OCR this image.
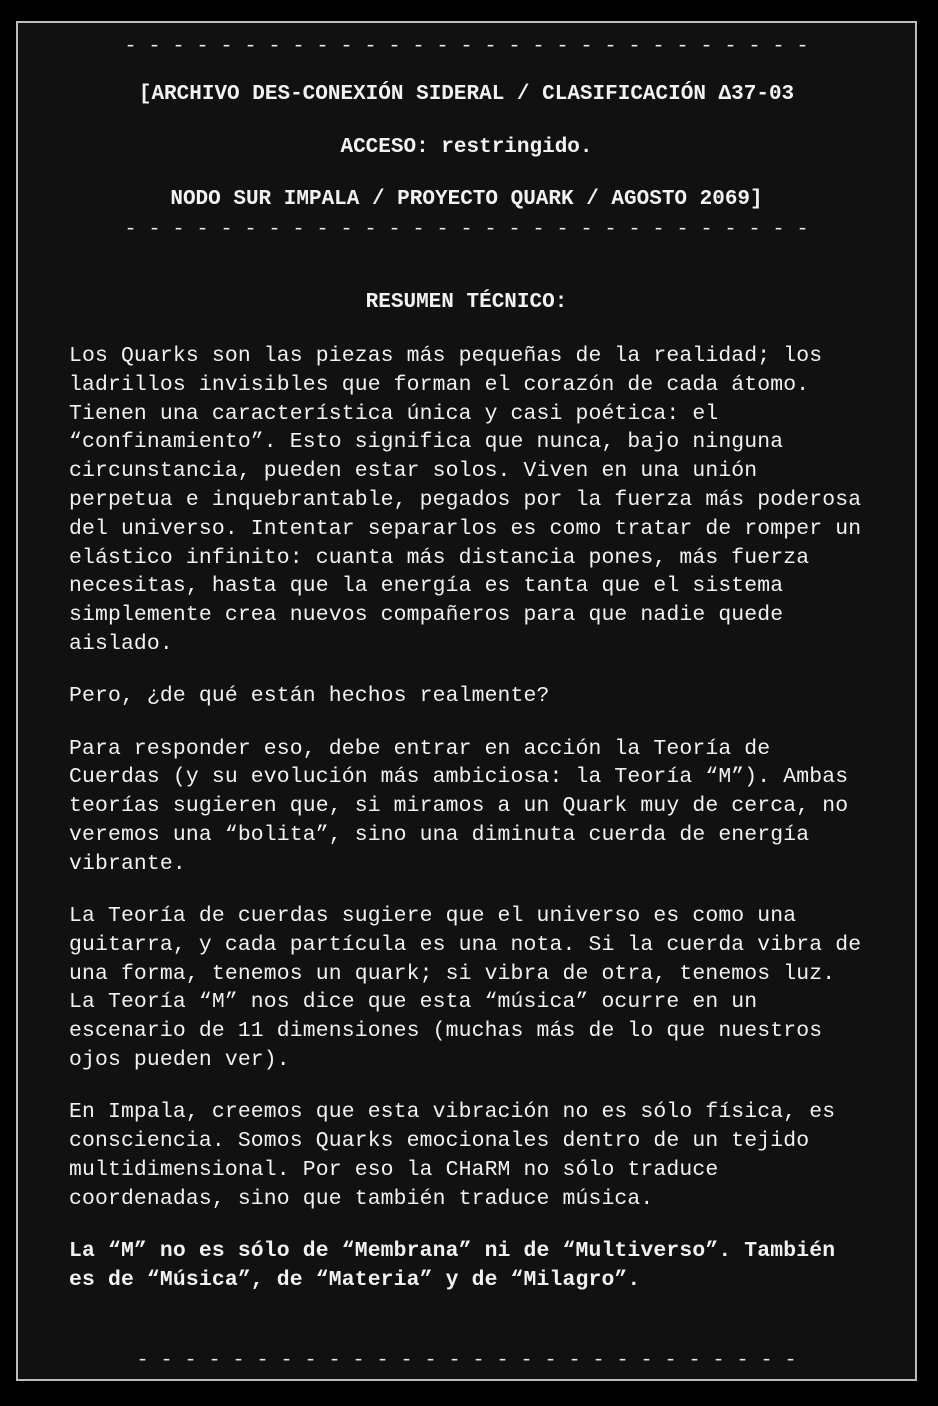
- - - - - - - - - - - - - - - - - - - - - - - - - - - - -
[ARCHIVO DES-CONEXIÓN SIDERAL / CLASIFICACIÓN Δ37-03
ACCESO: restringido.
NODO SUR IMPALA / PROYECTO QUARK / AGOSTO 2069]
- - - - - - - - - - - - - - - - - - - - - - - - - - - - -
RESUMEN TÉCNICO:

Los Quarks son las piezas más pequeñas de la realidad; los
ladrillos invisibles que forman el corazón de cada átomo.
Tienen una característica única y casi poética: el
“confinamiento”. Esto significa que nunca, bajo ninguna
circunstancia, pueden estar solos. Viven en una unión
perpetua e inquebrantable, pegados por la fuerza más poderosa
del universo. Intentar separarlos es como tratar de romper un
elástico infinito: cuanta más distancia pones, más fuerza
necesitas, hasta que la energía es tanta que el sistema
simplemente crea nuevos compañeros para que nadie quede
aislado.

Pero, ¿de qué están hechos realmente?

Para responder eso, debe entrar en acción la Teoría de
Cuerdas (y su evolución más ambiciosa: la Teoría “M”). Ambas
teorías sugieren que, si miramos a un Quark muy de cerca, no
veremos una “bolita”, sino una diminuta cuerda de energía
vibrante.

La Teoría de cuerdas sugiere que el universo es como una
guitarra, y cada partícula es una nota. Si la cuerda vibra de
una forma, tenemos un quark; si vibra de otra, tenemos luz.
La Teoría “M” nos dice que esta “música” ocurre en un
escenario de 11 dimensiones (muchas más de lo que nuestros
ojos pueden ver).

En Impala, creemos que esta vibración no es sólo física, es
consciencia. Somos Quarks emocionales dentro de un tejido
multidimensional. Por eso la CHaRM no sólo traduce
coordenadas, sino que también traduce música.

La “M” no es sólo de “Membrana” ni de “Multiverso”. También
es de “Música”, de “Materia” y de “Milagro”.

- - - - - - - - - - - - - - - - - - - - - - - - - - - -
